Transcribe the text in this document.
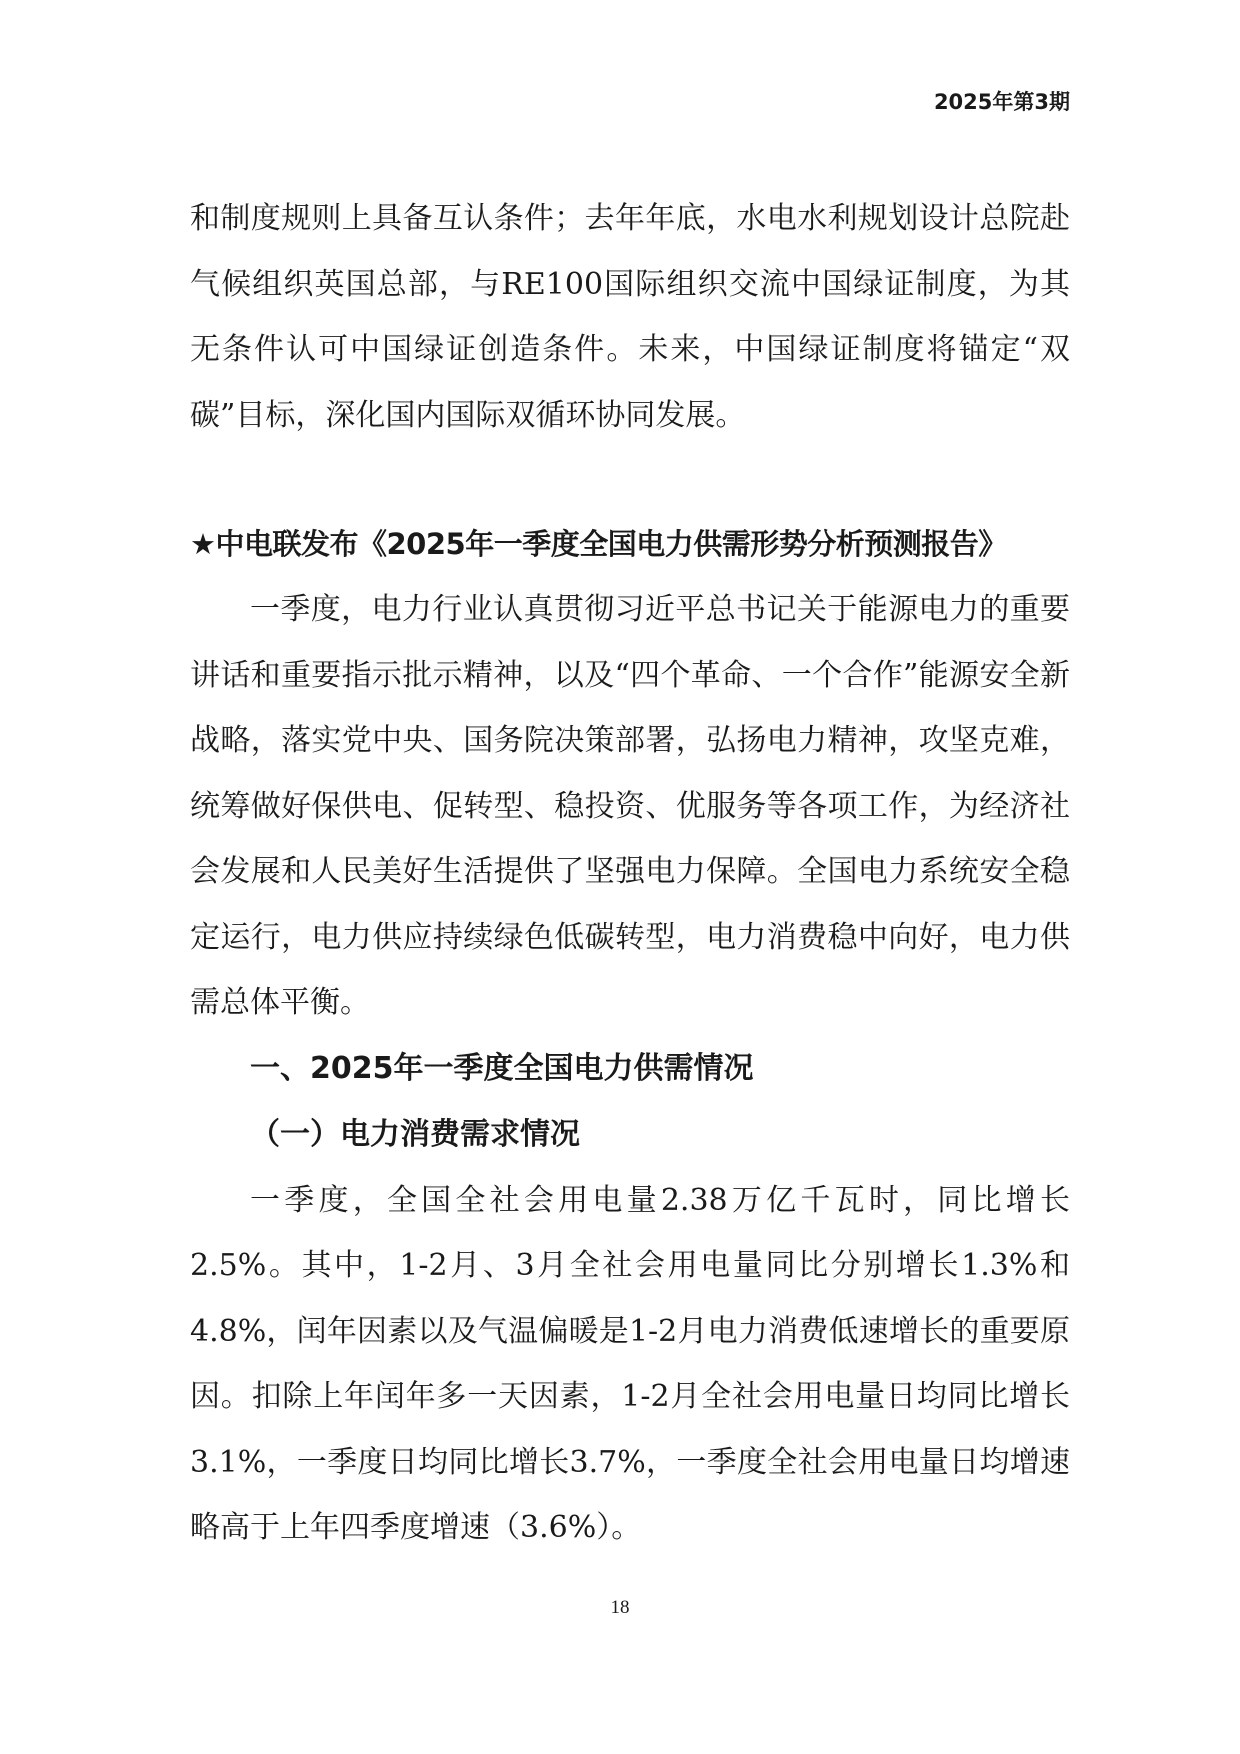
2025年第3期

和制度规则上具备互认条件；去年年底，水电水利规划设计总院赴气候组织英国总部，与RE100国际组织交流中国绿证制度，为其无条件认可中国绿证创造条件。未来，中国绿证制度将锚定“双碳”目标，深化国内国际双循环协同发展。

★中电联发布《2025年一季度全国电力供需形势分析预测报告》

一季度，电力行业认真贯彻习近平总书记关于能源电力的重要讲话和重要指示批示精神，以及“四个革命、一个合作”能源安全新战略，落实党中央、国务院决策部署，弘扬电力精神，攻坚克难，统筹做好保供电、促转型、稳投资、优服务等各项工作，为经济社会发展和人民美好生活提供了坚强电力保障。全国电力系统安全稳定运行，电力供应持续绿色低碳转型，电力消费稳中向好，电力供需总体平衡。

一、2025年一季度全国电力供需情况

（一）电力消费需求情况

一季度，全国全社会用电量2.38万亿千瓦时，同比增长2.5%。其中，1-2月、3月全社会用电量同比分别增长1.3%和4.8%，闰年因素以及气温偏暖是1-2月电力消费低速增长的重要原因。扣除上年闰年多一天因素，1-2月全社会用电量日均同比增长3.1%，一季度日均同比增长3.7%，一季度全社会用电量日均增速略高于上年四季度增速（3.6%）。

18
